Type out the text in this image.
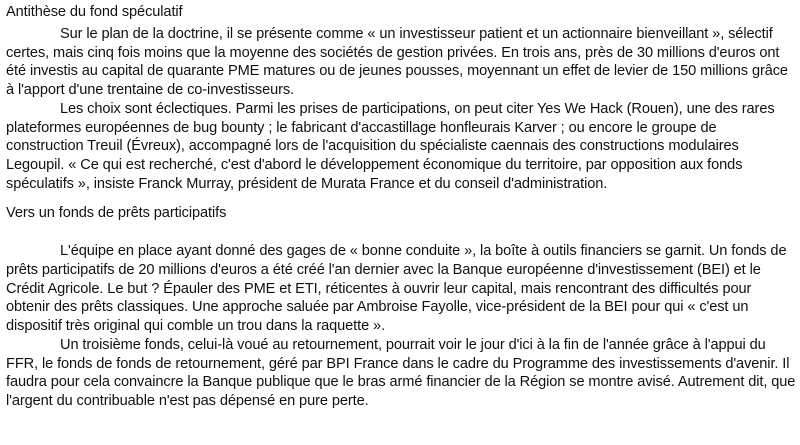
Antithèse du fond spéculatif

Sur le plan de la doctrine, il se présente comme « un investisseur patient et un actionnaire bienveillant », sélectif certes, mais cinq fois moins que la moyenne des sociétés de gestion privées. En trois ans, près de 30 millions d'euros ont été investis au capital de quarante PME matures ou de jeunes pousses, moyennant un effet de levier de 150 millions grâce à l'apport d'une trentaine de co-investisseurs.

Les choix sont éclectiques. Parmi les prises de participations, on peut citer Yes We Hack (Rouen), une des rares plateformes européennes de bug bounty ; le fabricant d'accastillage honfleurais Karver ; ou encore le groupe de construction Treuil (Évreux), accompagné lors de l'acquisition du spécialiste caennais des constructions modulaires Legoupil. « Ce qui est recherché, c'est d'abord le développement économique du territoire, par opposition aux fonds spéculatifs », insiste Franck Murray, président de Murata France et du conseil d'administration.

Vers un fonds de prêts participatifs

L'équipe en place ayant donné des gages de « bonne conduite », la boîte à outils financiers se garnit. Un fonds de prêts participatifs de 20 millions d'euros a été créé l'an dernier avec la Banque européenne d'investissement (BEI) et le Crédit Agricole. Le but ? Épauler des PME et ETI, réticentes à ouvrir leur capital, mais rencontrant des difficultés pour obtenir des prêts classiques. Une approche saluée par Ambroise Fayolle, vice-président de la BEI pour qui « c'est un dispositif très original qui comble un trou dans la raquette ».

Un troisième fonds, celui-là voué au retournement, pourrait voir le jour d'ici à la fin de l'année grâce à l'appui du FFR, le fonds de fonds de retournement, géré par BPI France dans le cadre du Programme des investissements d'avenir. Il faudra pour cela convaincre la Banque publique que le bras armé financier de la Région se montre avisé. Autrement dit, que l'argent du contribuable n'est pas dépensé en pure perte.
